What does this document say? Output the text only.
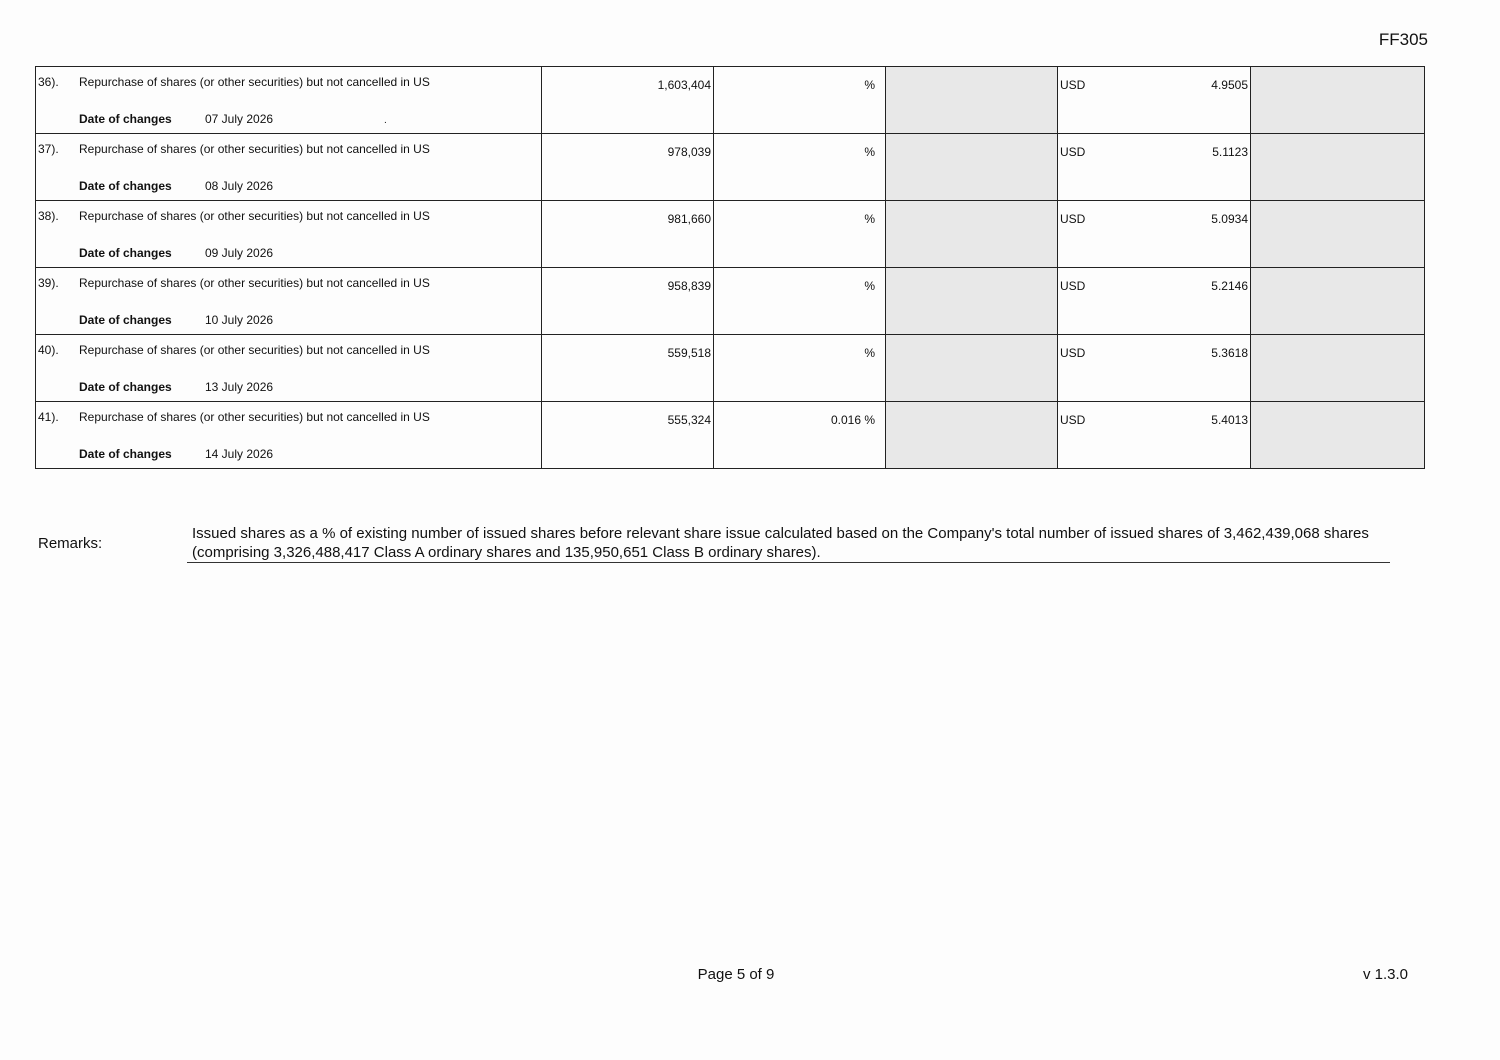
FF305
36). Repurchase of shares (or other securities) but not cancelled in US
Date of changes 07 July 2026 .	1,603,404	%		USD 4.9505	

37). Repurchase of shares (or other securities) but not cancelled in US
Date of changes 08 July 2026	978,039	%		USD 5.1123	

38). Repurchase of shares (or other securities) but not cancelled in US
Date of changes 09 July 2026	981,660	%		USD 5.0934	

39). Repurchase of shares (or other securities) but not cancelled in US
Date of changes 10 July 2026	958,839	%		USD 5.2146	

40). Repurchase of shares (or other securities) but not cancelled in US
Date of changes 13 July 2026	559,518	%		USD 5.3618	

41). Repurchase of shares (or other securities) but not cancelled in US
Date of changes 14 July 2026	555,324	0.016 %		USD 5.4013	

Remarks:
Issued shares as a % of existing number of issued shares before relevant share issue calculated based on the Company's total number of issued shares of 3,462,439,068 shares (comprising 3,326,488,417 Class A ordinary shares and 135,950,651 Class B ordinary shares).
Page 5 of 9	v 1.3.0
